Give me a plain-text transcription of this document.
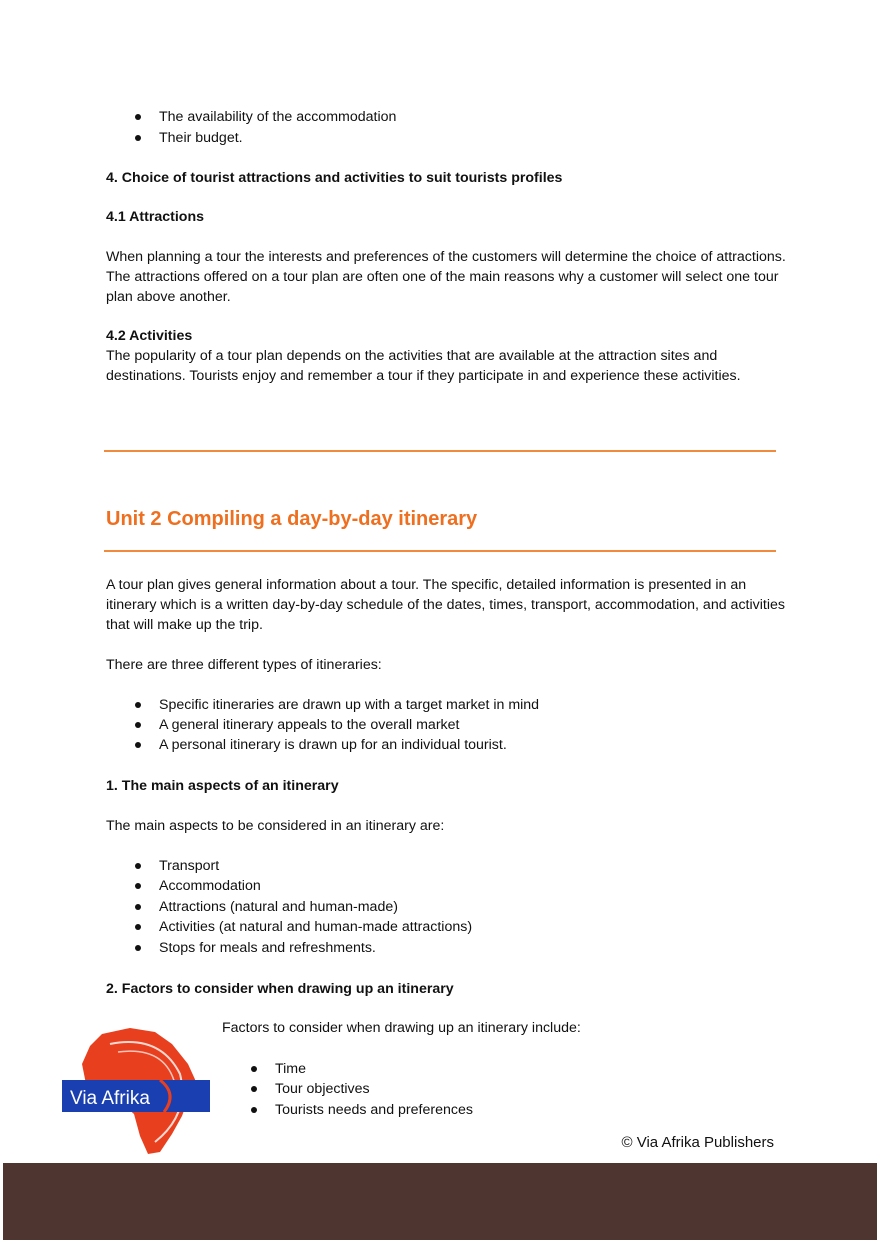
The availability of the accommodation
Their budget.
4. Choice of tourist attractions and activities to suit tourists profiles
4.1 Attractions
When planning a tour the interests and preferences of the customers will determine the choice of attractions. The attractions offered on a tour plan are often one of the main reasons why a customer will select one tour plan above another.
4.2 Activities
The popularity of a tour plan depends on the activities that are available at the attraction sites and destinations. Tourists enjoy and remember a tour if they participate in and experience these activities.
Unit 2 Compiling a day-by-day itinerary
A tour plan gives general information about a tour. The specific, detailed information is presented in an itinerary which is a written day-by-day schedule of the dates, times, transport, accommodation, and activities that will make up the trip.
There are three different types of itineraries:
Specific itineraries are drawn up with a target market in mind
A general itinerary appeals to the overall market
A personal itinerary is drawn up for an individual tourist.
1. The main aspects of an itinerary
The main aspects to be considered in an itinerary are:
Transport
Accommodation
Attractions (natural and human-made)
Activities (at natural and human-made attractions)
Stops for meals and refreshments.
2. Factors to consider when drawing up an itinerary
Factors to consider when drawing up an itinerary include:
Time
Tour objectives
Tourists needs and preferences
Via Afrika
© Via Afrika Publishers
